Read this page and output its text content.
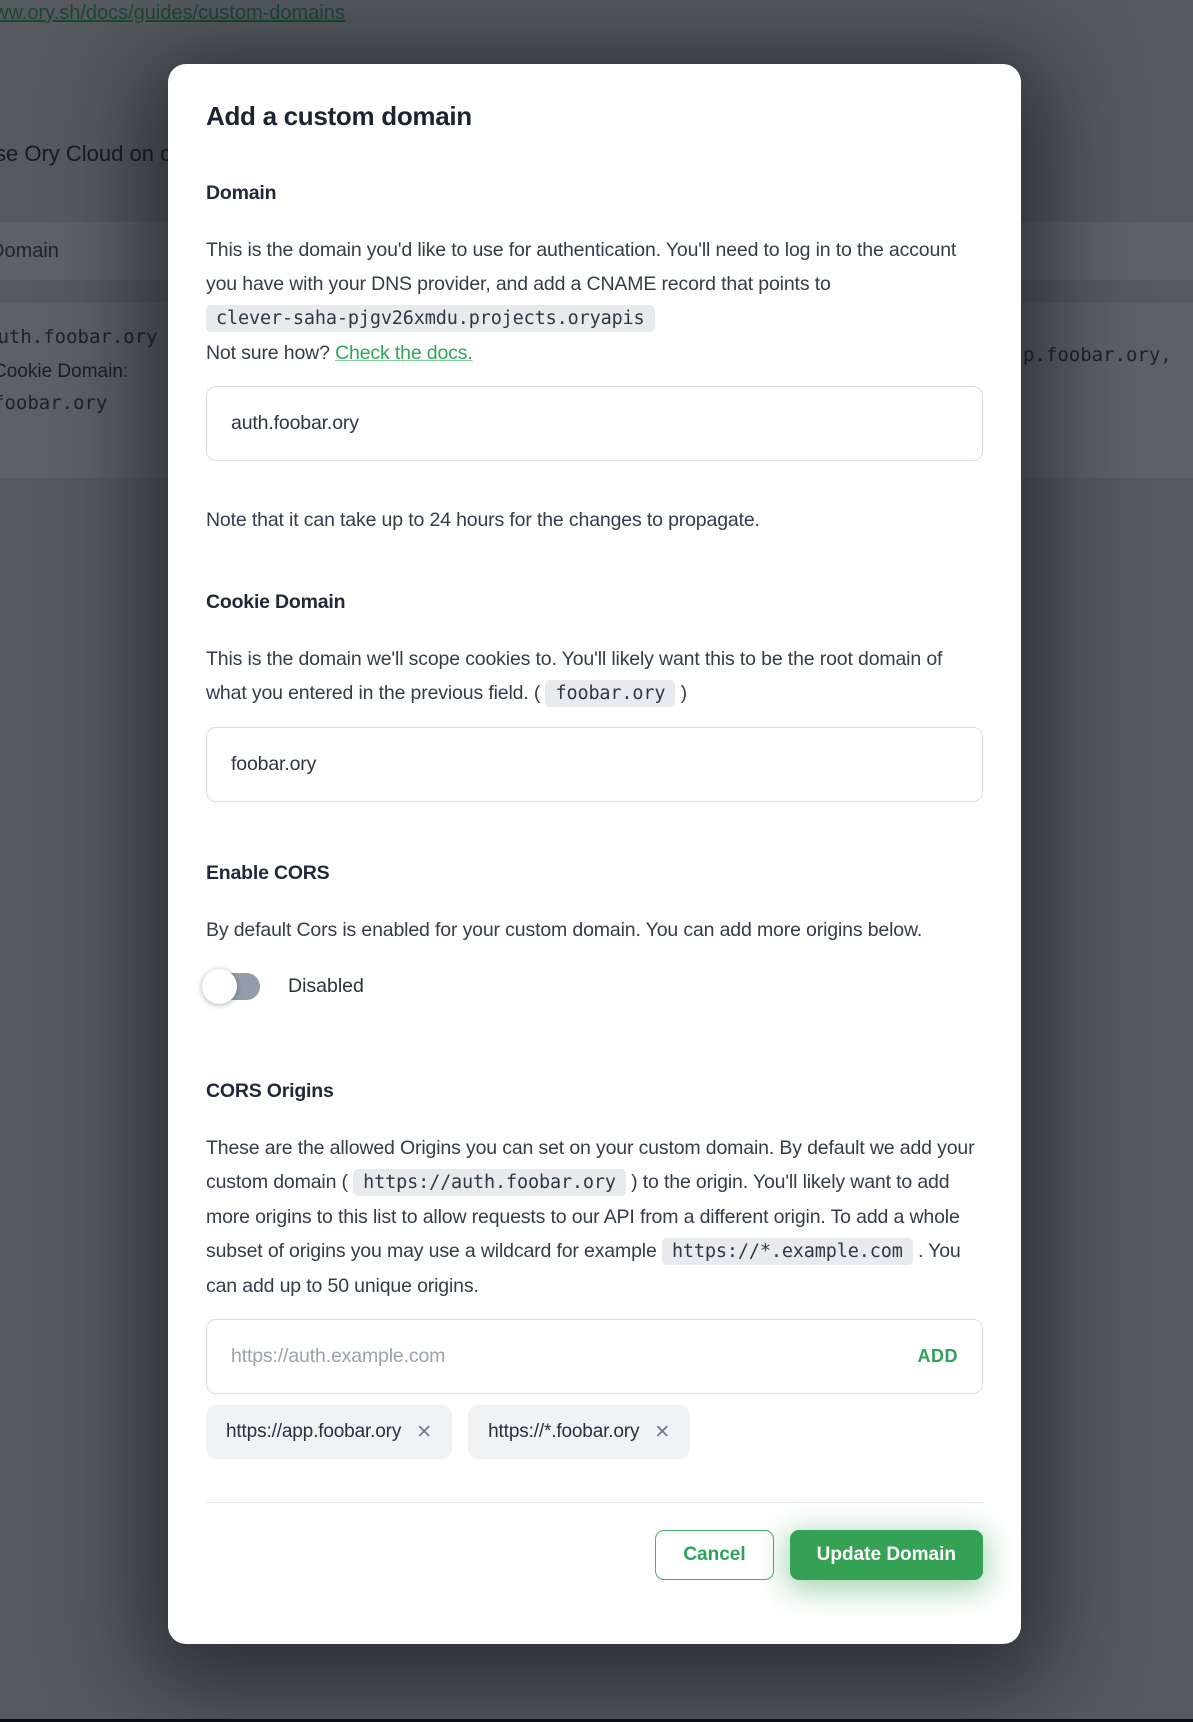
Add a custom domain
Domain

This is the domain you'd like to use for authentication. You'll need to log in to the account you have with your DNS provider, and add a CNAME record that points to clever-saha-pjgv26xmdu.projects.oryapis
Not sure how? Check the docs.

auth.foobar.ory

Note that it can take up to 24 hours for the changes to propagate.

Cookie Domain

This is the domain we'll scope cookies to. You'll likely want this to be the root domain of what you entered in the previous field. ( foobar.ory )

foobar.ory
Enable CORS

By default Cors is enabled for your custom domain. You can add more origins below.

Disabled
CORS Origins

These are the allowed Origins you can set on your custom domain. By default we add your custom domain ( https://auth.foobar.ory ) to the origin. You'll likely want to add more origins to this list to allow requests to our API from a different origin. To add a whole subset of origins you may use a wildcard for example https://*.example.com . You can add up to 50 unique origins.

https://auth.example.com
ADD
https://app.foobar.ory ✕	https://*.foobar.ory ✕
Cancel	Update Domain
